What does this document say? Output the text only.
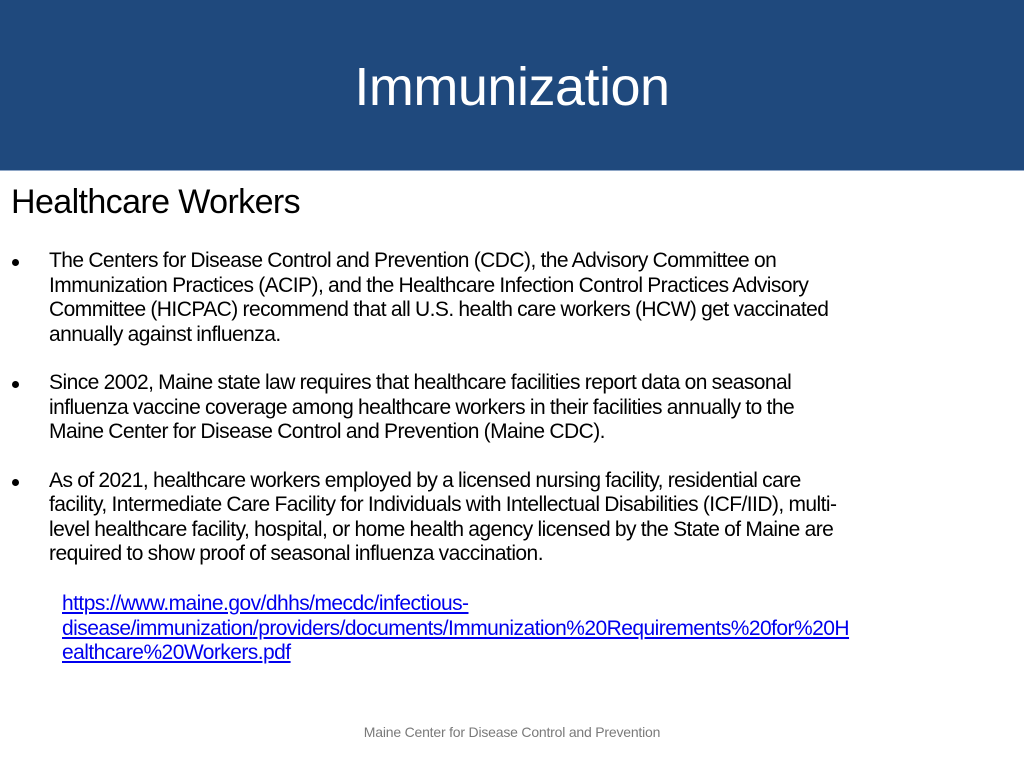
Immunization
Healthcare Workers
The Centers for Disease Control and Prevention (CDC), the Advisory Committee on
Immunization Practices (ACIP), and the Healthcare Infection Control Practices Advisory
Committee (HICPAC) recommend that all U.S. health care workers (HCW) get vaccinated
annually against influenza.
Since 2002, Maine state law requires that healthcare facilities report data on seasonal
influenza vaccine coverage among healthcare workers in their facilities annually to the
Maine Center for Disease Control and Prevention (Maine CDC).
As of 2021, healthcare workers employed by a licensed nursing facility, residential care
facility, Intermediate Care Facility for Individuals with Intellectual Disabilities (ICF/IID), multi-
level healthcare facility, hospital, or home health agency licensed by the State of Maine are
required to show proof of seasonal influenza vaccination.
https://www.maine.gov/dhhs/mecdc/infectious-
disease/immunization/providers/documents/Immunization%20Requirements%20for%20H
ealthcare%20Workers.pdf
Maine Center for Disease Control and Prevention
